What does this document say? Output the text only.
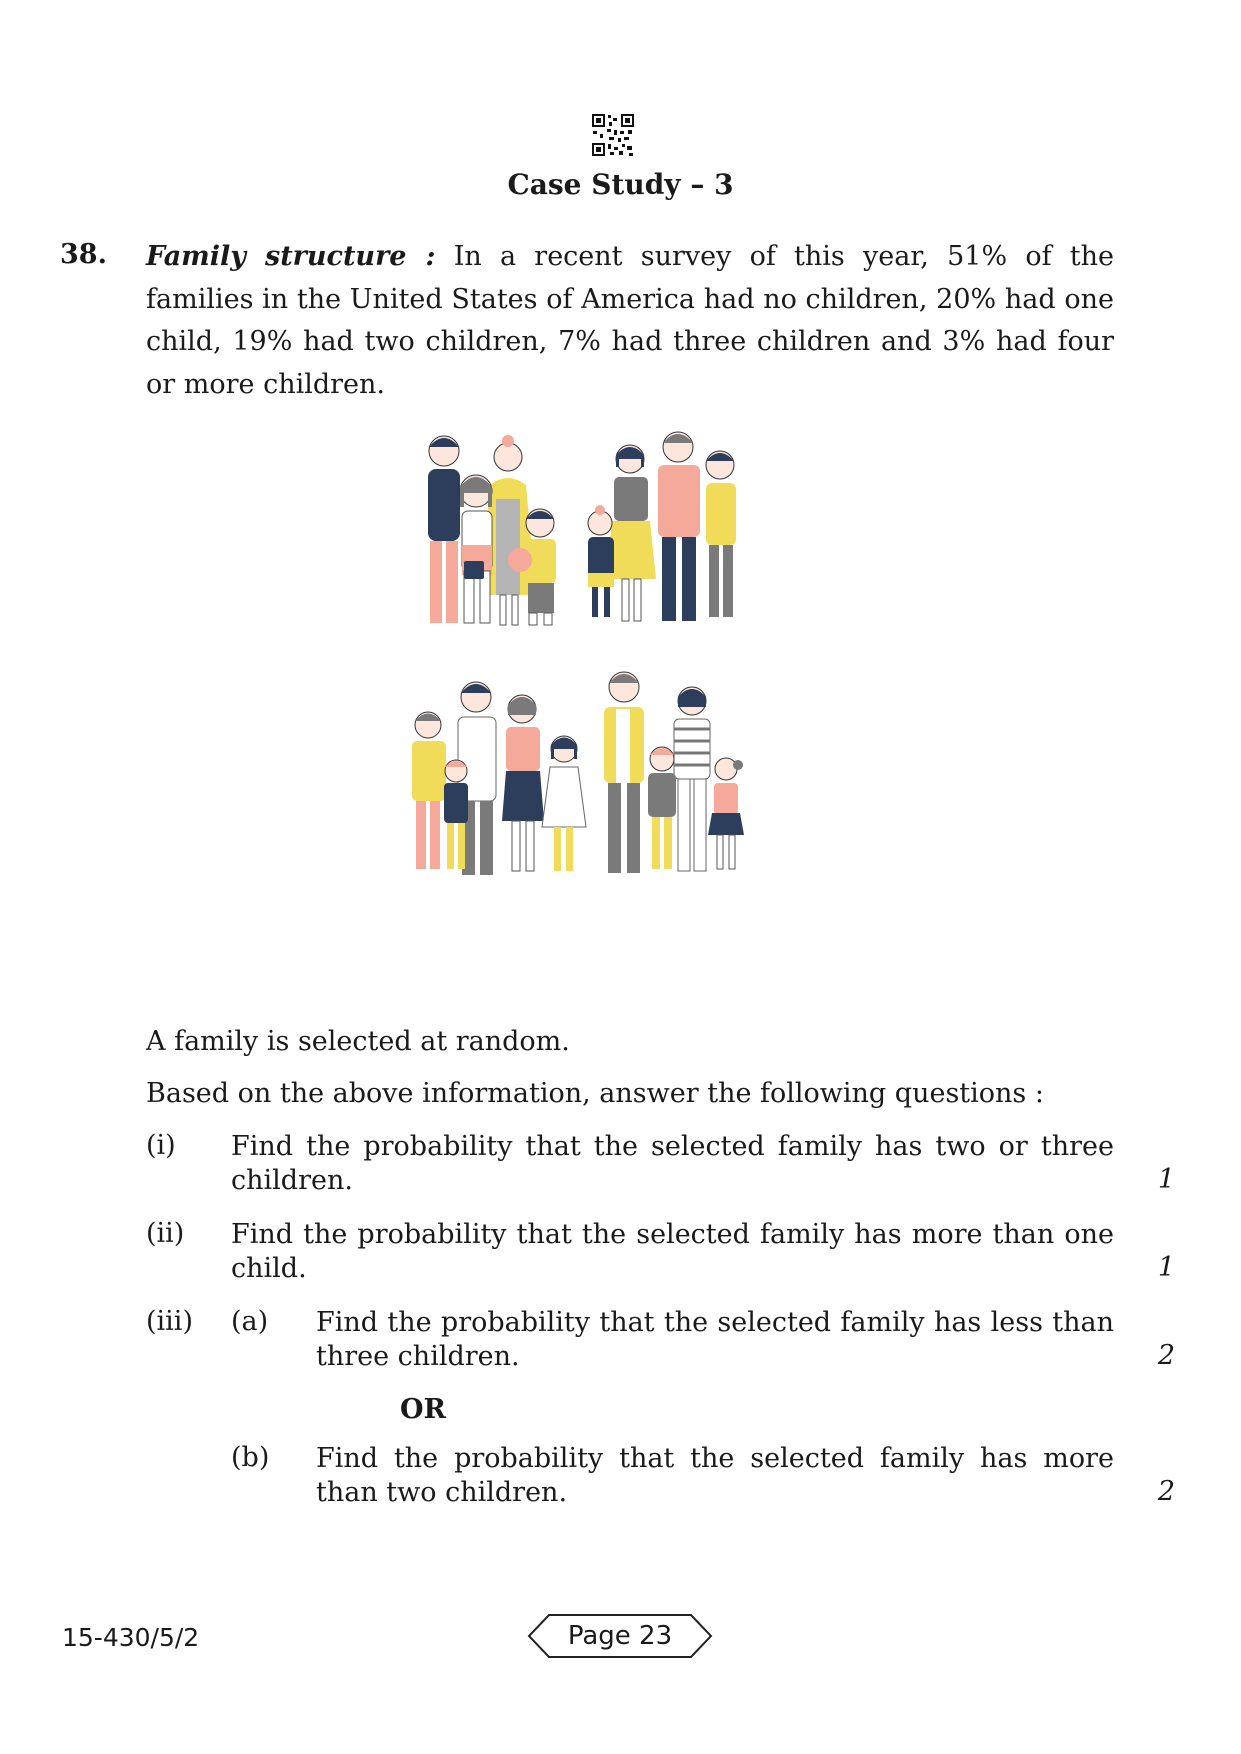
Case Study – 3
38. Family structure : In a recent survey of this year, 51% of the families in the United States of America had no children, 20% had one child, 19% had two children, 7% had three children and 3% had four or more children.

A family is selected at random.
Based on the above information, answer the following questions :
(i) Find the probability that the selected family has two or three children.	1
(ii) Find the probability that the selected family has more than one child.	1
(iii) (a) Find the probability that the selected family has less than three children.	2
OR
(b) Find the probability that the selected family has more than two children.	2
15-430/5/2	Page 23
